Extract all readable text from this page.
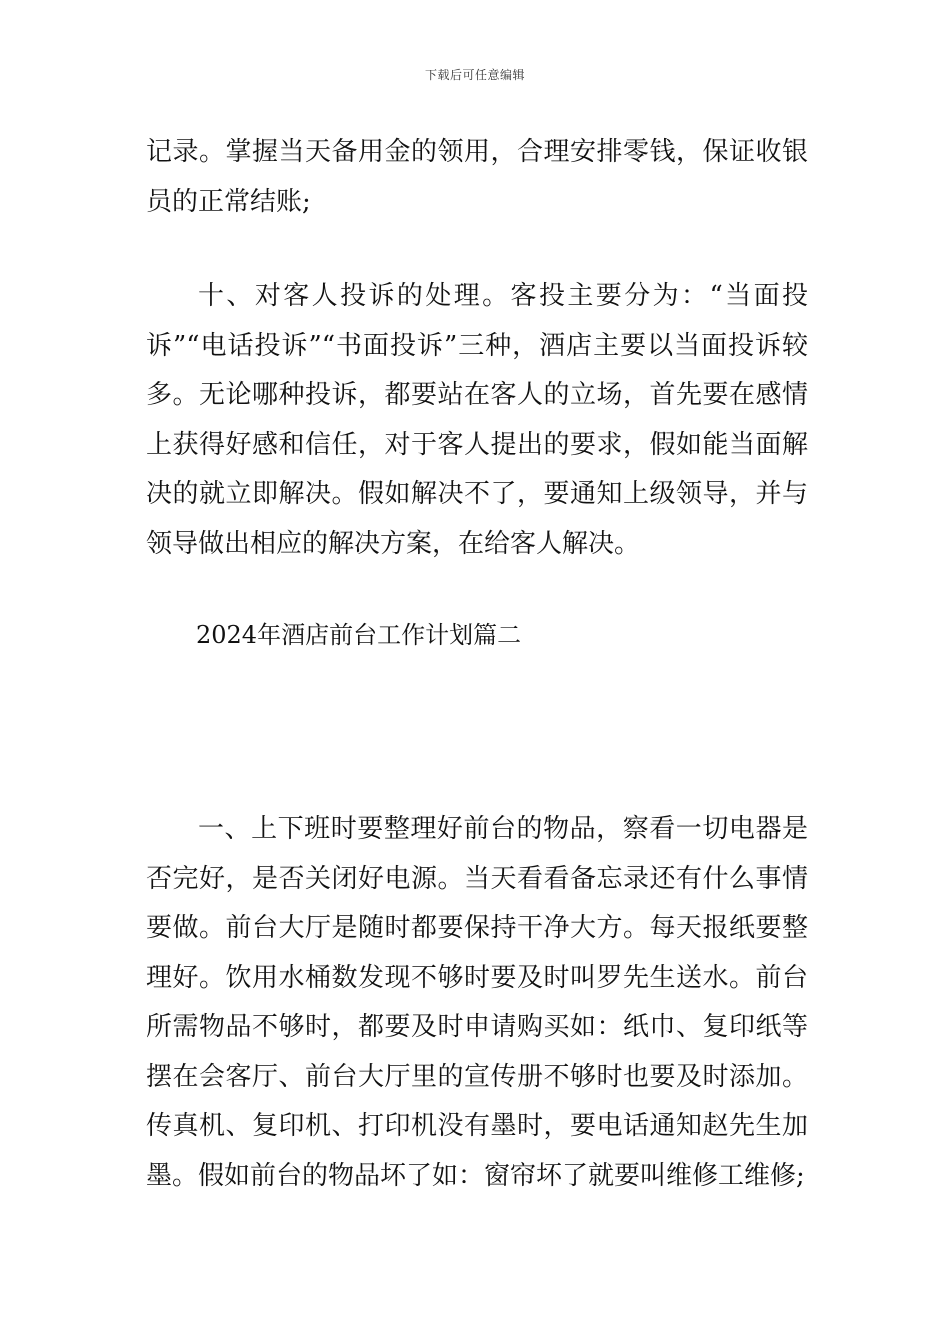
下载后可任意编辑

记录。掌握当天备用金的领用，合理安排零钱，保证收银员的正常结账;

十、对客人投诉的处理。客投主要分为：“当面投诉”“电话投诉”“书面投诉”三种，酒店主要以当面投诉较多。无论哪种投诉，都要站在客人的立场，首先要在感情上获得好感和信任，对于客人提出的要求，假如能当面解决的就立即解决。假如解决不了，要通知上级领导，并与领导做出相应的解决方案，在给客人解决。

2024年酒店前台工作计划篇二

一、上下班时要整理好前台的物品，察看一切电器是否完好，是否关闭好电源。当天看看备忘录还有什么事情要做。前台大厅是随时都要保持干净大方。每天报纸要整理好。饮用水桶数发现不够时要及时叫罗先生送水。前台所需物品不够时，都要及时申请购买如：纸巾、复印纸等摆在会客厅、前台大厅里的宣传册不够时也要及时添加。传真机、复印机、打印机没有墨时，要电话通知赵先生加墨。假如前台的物品坏了如：窗帘坏了就要叫维修工维修;
